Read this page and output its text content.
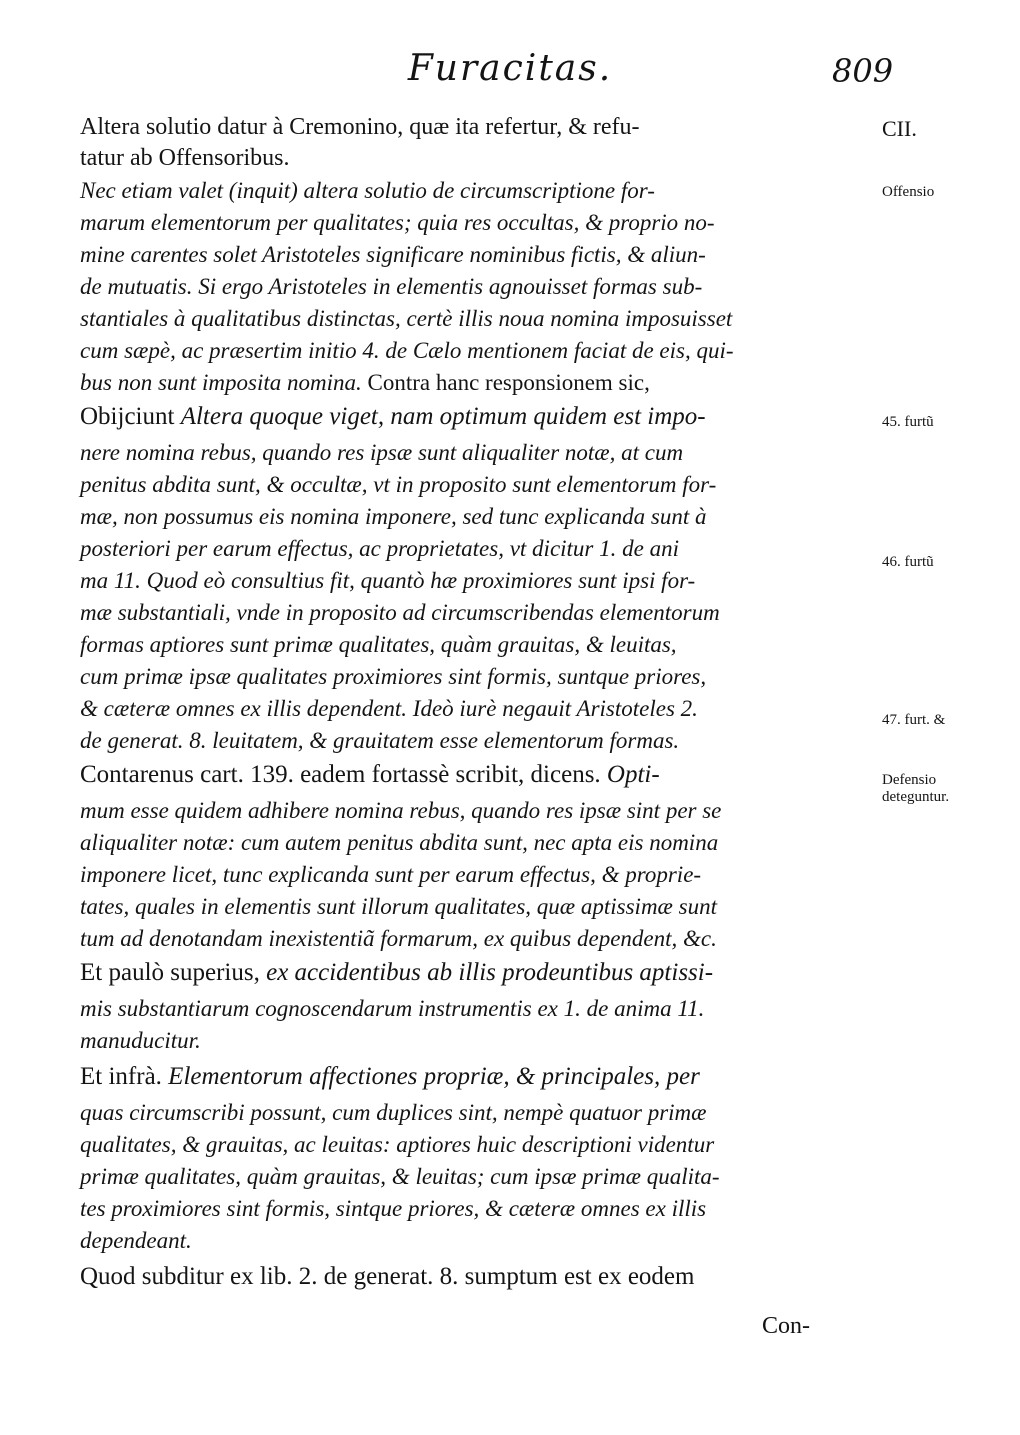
Furacitas.	809
Altera solutio datur à Cremonino, quæ ita refertur, & refu-
tatur ab Offensoribus.
Nec etiam valet (inquit) altera solutio de circumscriptione for-
marum elementorum per qualitates; quia res occultas, & proprio no-
mine carentes solet Aristoteles significare nominibus fictis, & aliun-
de mutuatis. Si ergo Aristoteles in elementis agnouisset formas sub-
stantiales à qualitatibus distinctas, certè illis noua nomina imposuisset
cum sæpè, ac præsertim initio 4. de Cælo mentionem faciat de eis, qui-
bus non sunt imposita nomina. Contra hanc responsionem sic,
Obijciunt Altera quoque viget, nam optimum quidem est impo-
nere nomina rebus, quando res ipsæ sunt aliqualiter notæ, at cum
penitus abdita sunt, & occultæ, vt in proposito sunt elementorum for-
mæ, non possumus eis nomina imponere, sed tunc explicanda sunt à
posteriori per earum effectus, ac proprietates, vt dicitur 1. de ani
ma 11. Quod eò consultius fit, quantò hæ proximiores sunt ipsi for-
mæ substantiali, vnde in proposito ad circumscribendas elementorum
formas aptiores sunt primæ qualitates, quàm grauitas, & leuitas,
cum primæ ipsæ qualitates proximiores sint formis, suntque priores,
& cæteræ omnes ex illis dependent. Ideò iurè negauit Aristoteles 2.
de generat. 8. leuitatem, & grauitatem esse elementorum formas.
Contarenus cart. 139. eadem fortassè scribit, dicens. Opti-
mum esse quidem adhibere nomina rebus, quando res ipsæ sint per se
aliqualiter notæ: cum autem penitus abdita sunt, nec apta eis nomina
imponere licet, tunc explicanda sunt per earum effectus, & proprie-
tates, quales in elementis sunt illorum qualitates, quæ aptissimæ sunt
tum ad denotandam inexistentiã formarum, ex quibus dependent, &c.
Et paulò superius, ex accidentibus ab illis prodeuntibus aptissi-
mis substantiarum cognoscendarum instrumentis ex 1. de anima 11.
manuducitur.
Et infrà. Elementorum affectiones propriæ, & principales, per
quas circumscribi possunt, cum duplices sint, nempè quatuor primæ
qualitates, & grauitas, ac leuitas: aptiores huic descriptioni videntur
primæ qualitates, quàm grauitas, & leuitas; cum ipsæ primæ qualita-
tes proximiores sint formis, sintque priores, & cæteræ omnes ex illis
dependeant.
Quod subditur ex lib. 2. de generat. 8. sumptum est ex eodem
CII.
Offensio
45. furtũ
46. furtũ
47. furt. &
Defensio deteguntur.
Con-
